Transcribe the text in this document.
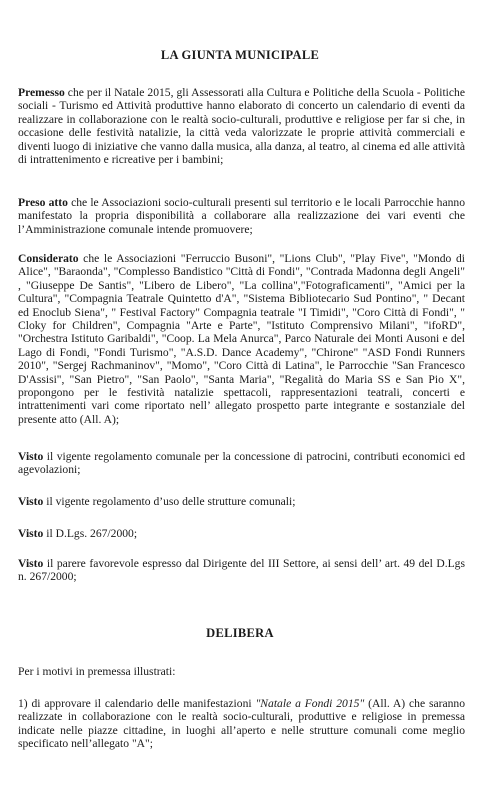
LA GIUNTA MUNICIPALE

Premesso che per il Natale 2015, gli Assessorati alla Cultura e Politiche della Scuola - Politiche sociali - Turismo ed Attività produttive hanno elaborato di concerto un calendario di eventi da realizzare in collaborazione con le realtà socio-culturali, produttive e religiose per far si che, in occasione delle festività natalizie, la città veda valorizzate le proprie attività commerciali e diventi luogo di iniziative che vanno dalla musica, alla danza, al teatro, al cinema ed alle attività di intrattenimento e ricreative per i bambini;

Preso atto che le Associazioni socio-culturali presenti sul territorio e le locali Parrocchie hanno manifestato la propria disponibilità a collaborare alla realizzazione dei vari eventi che l’Amministrazione comunale intende promuovere;

Considerato che le Associazioni "Ferruccio Busoni", "Lions Club", "Play Five", "Mondo di Alice", "Baraonda", "Complesso Bandistico "Città di Fondi", "Contrada Madonna degli Angeli" , "Giuseppe De Santis", "Libero de Libero", "La collina","Fotograficamenti", "Amici per la Cultura", "Compagnia Teatrale Quintetto d'A", "Sistema Bibliotecario Sud Pontino", " Decant ed Enoclub Siena", " Festival Factory" Compagnia teatrale "I Timidi", "Coro Città di Fondi", " Cloky for Children", Compagnia "Arte e Parte", "Istituto Comprensivo Milani", "ifoRD", "Orchestra Istituto Garibaldi", "Coop. La Mela Anurca", Parco Naturale dei Monti Ausoni e del Lago di Fondi, "Fondi Turismo", "A.S.D. Dance Academy", "Chirone" "ASD Fondi Runners 2010", "Sergej Rachmaninov", "Momo", "Coro Città di Latina", le Parrocchie "San Francesco D'Assisi", "San Pietro", "San Paolo", "Santa Maria", "Regalità do Maria SS e San Pio X", propongono per le festività natalizie spettacoli, rappresentazioni teatrali, concerti e intrattenimenti vari come riportato nell’ allegato prospetto parte integrante e sostanziale del presente atto (All. A);

Visto il vigente regolamento comunale per la concessione di patrocini, contributi economici ed agevolazioni;

Visto il vigente regolamento d’uso delle strutture comunali;

Visto il D.Lgs. 267/2000;

Visto il parere favorevole espresso dal Dirigente del III Settore, ai sensi dell’ art. 49 del D.Lgs n. 267/2000;

DELIBERA

Per i motivi in premessa illustrati:

1) di approvare il calendario delle manifestazioni "Natale a Fondi 2015" (All. A) che saranno realizzate in collaborazione con le realtà socio-culturali, produttive e religiose in premessa indicate nelle piazze cittadine, in luoghi all’aperto e nelle strutture comunali come meglio specificato nell’allegato "A";
